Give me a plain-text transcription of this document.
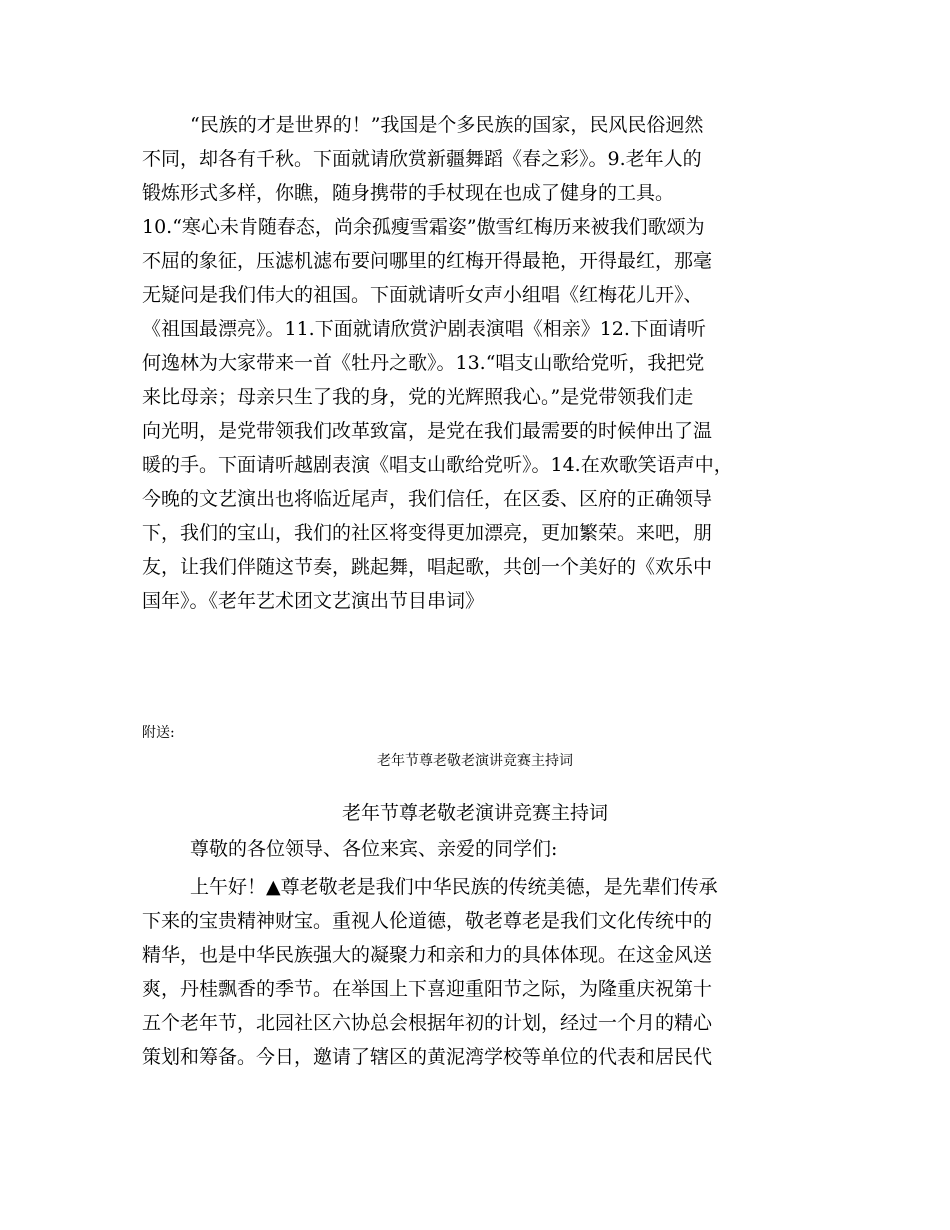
“民族的才是世界的！”我国是个多民族的国家，民风民俗迥然
不同，却各有千秋。下面就请欣赏新疆舞蹈《春之彩》。9.老年人的
锻炼形式多样，你瞧，随身携带的手杖现在也成了健身的工具。
10.“寒心未肯随春态，尚余孤瘦雪霜姿”傲雪红梅历来被我们歌颂为
不屈的象征，压滤机滤布要问哪里的红梅开得最艳，开得最红，那毫
无疑问是我们伟大的祖国。下面就请听女声小组唱《红梅花儿开》、
《祖国最漂亮》。11.下面就请欣赏沪剧表演唱《相亲》12.下面请听
何逸林为大家带来一首《牡丹之歌》。13.“唱支山歌给党听，我把党
来比母亲；母亲只生了我的身，党的光辉照我心。”是党带领我们走
向光明，是党带领我们改革致富，是党在我们最需要的时候伸出了温
暖的手。下面请听越剧表演《唱支山歌给党听》。14.在欢歌笑语声中，
今晚的文艺演出也将临近尾声，我们信任，在区委、区府的正确领导
下，我们的宝山，我们的社区将变得更加漂亮，更加繁荣。来吧，朋
友，让我们伴随这节奏，跳起舞，唱起歌，共创一个美好的《欢乐中
国年》。《老年艺术团文艺演出节目串词》
附送:
老年节尊老敬老演讲竞赛主持词
老年节尊老敬老演讲竞赛主持词
尊敬的各位领导、各位来宾、亲爱的同学们:
上午好！▲尊老敬老是我们中华民族的传统美德，是先辈们传承
下来的宝贵精神财宝。重视人伦道德，敬老尊老是我们文化传统中的
精华，也是中华民族强大的凝聚力和亲和力的具体体现。在这金风送
爽，丹桂飘香的季节。在举国上下喜迎重阳节之际，为隆重庆祝第十
五个老年节，北园社区六协总会根据年初的计划，经过一个月的精心
策划和筹备。今日，邀请了辖区的黄泥湾学校等单位的代表和居民代
